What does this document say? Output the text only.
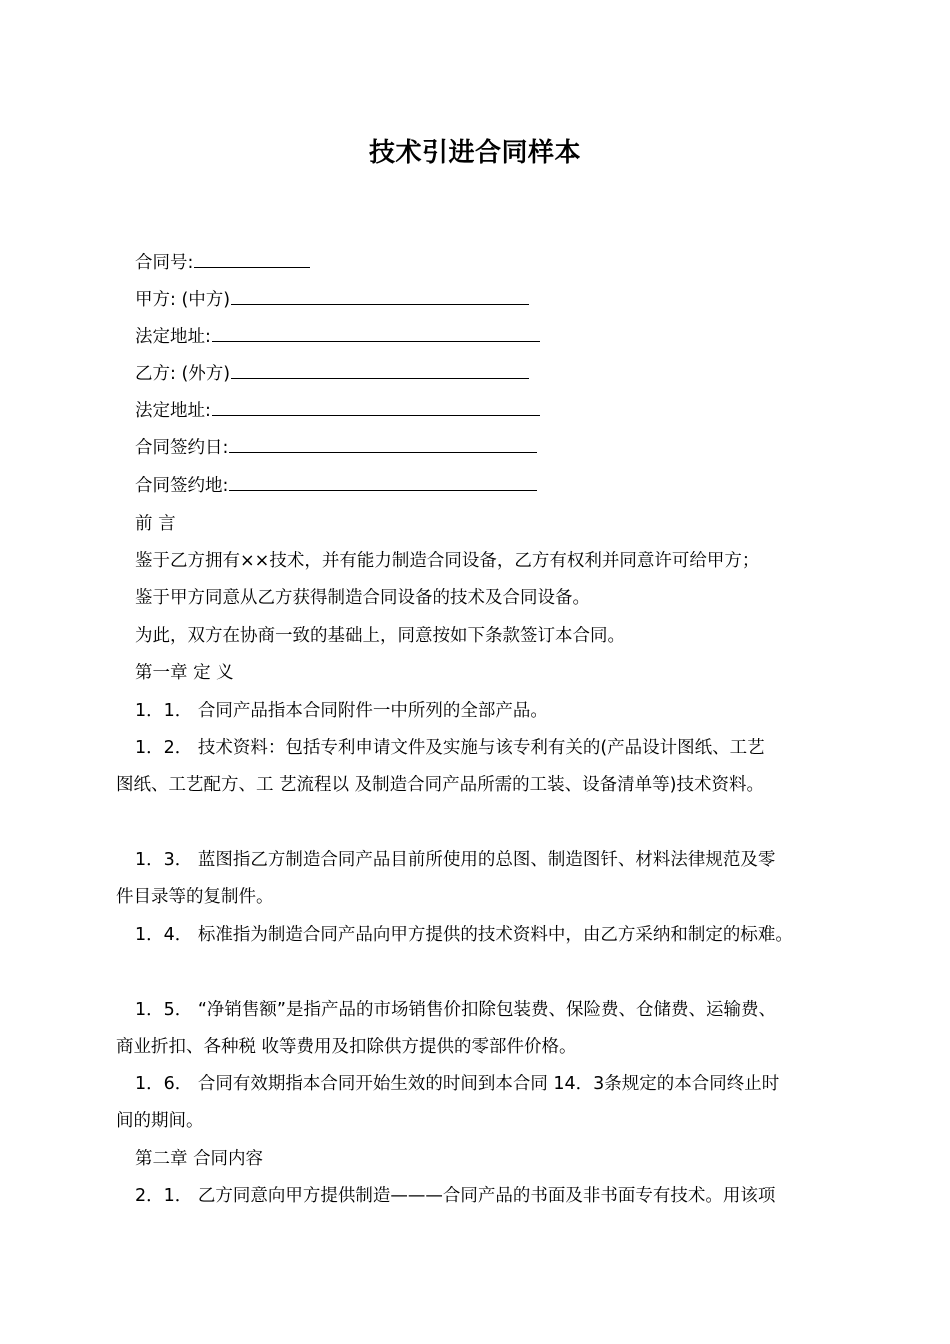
技术引进合同样本
合同号:
甲方: (中方)
法定地址:
乙方: (外方)
法定地址:
合同签约日:
合同签约地:
前 言
鉴于乙方拥有××技术，并有能力制造合同设备，乙方有权利并同意许可给甲方；
鉴于甲方同意从乙方获得制造合同设备的技术及合同设备。
为此，双方在协商一致的基础上，同意按如下条款签订本合同。
第一章 定 义
1．1． 合同产品指本合同附件一中所列的全部产品。
1．2． 技术资料：包括专利申请文件及实施与该专利有关的(产品设计图纸、工艺
图纸、工艺配方、工 艺流程以 及制造合同产品所需的工装、设备清单等)技术资料。
1．3． 蓝图指乙方制造合同产品目前所使用的总图、制造图钎、材料法律规范及零
件目录等的复制件。
1．4． 标准指为制造合同产品向甲方提供的技术资料中，由乙方采纳和制定的标难。
1．5． “净销售额”是指产品的市场销售价扣除包装费、保险费、仓储费、运输费、
商业折扣、各种税 收等费用及扣除供方提供的零部件价格。
1．6． 合同有效期指本合同开始生效的时间到本合同 14．3条规定的本合同终止时
间的期间。
第二章 合同内容
2．1． 乙方同意向甲方提供制造———合同产品的书面及非书面专有技术。用该项
